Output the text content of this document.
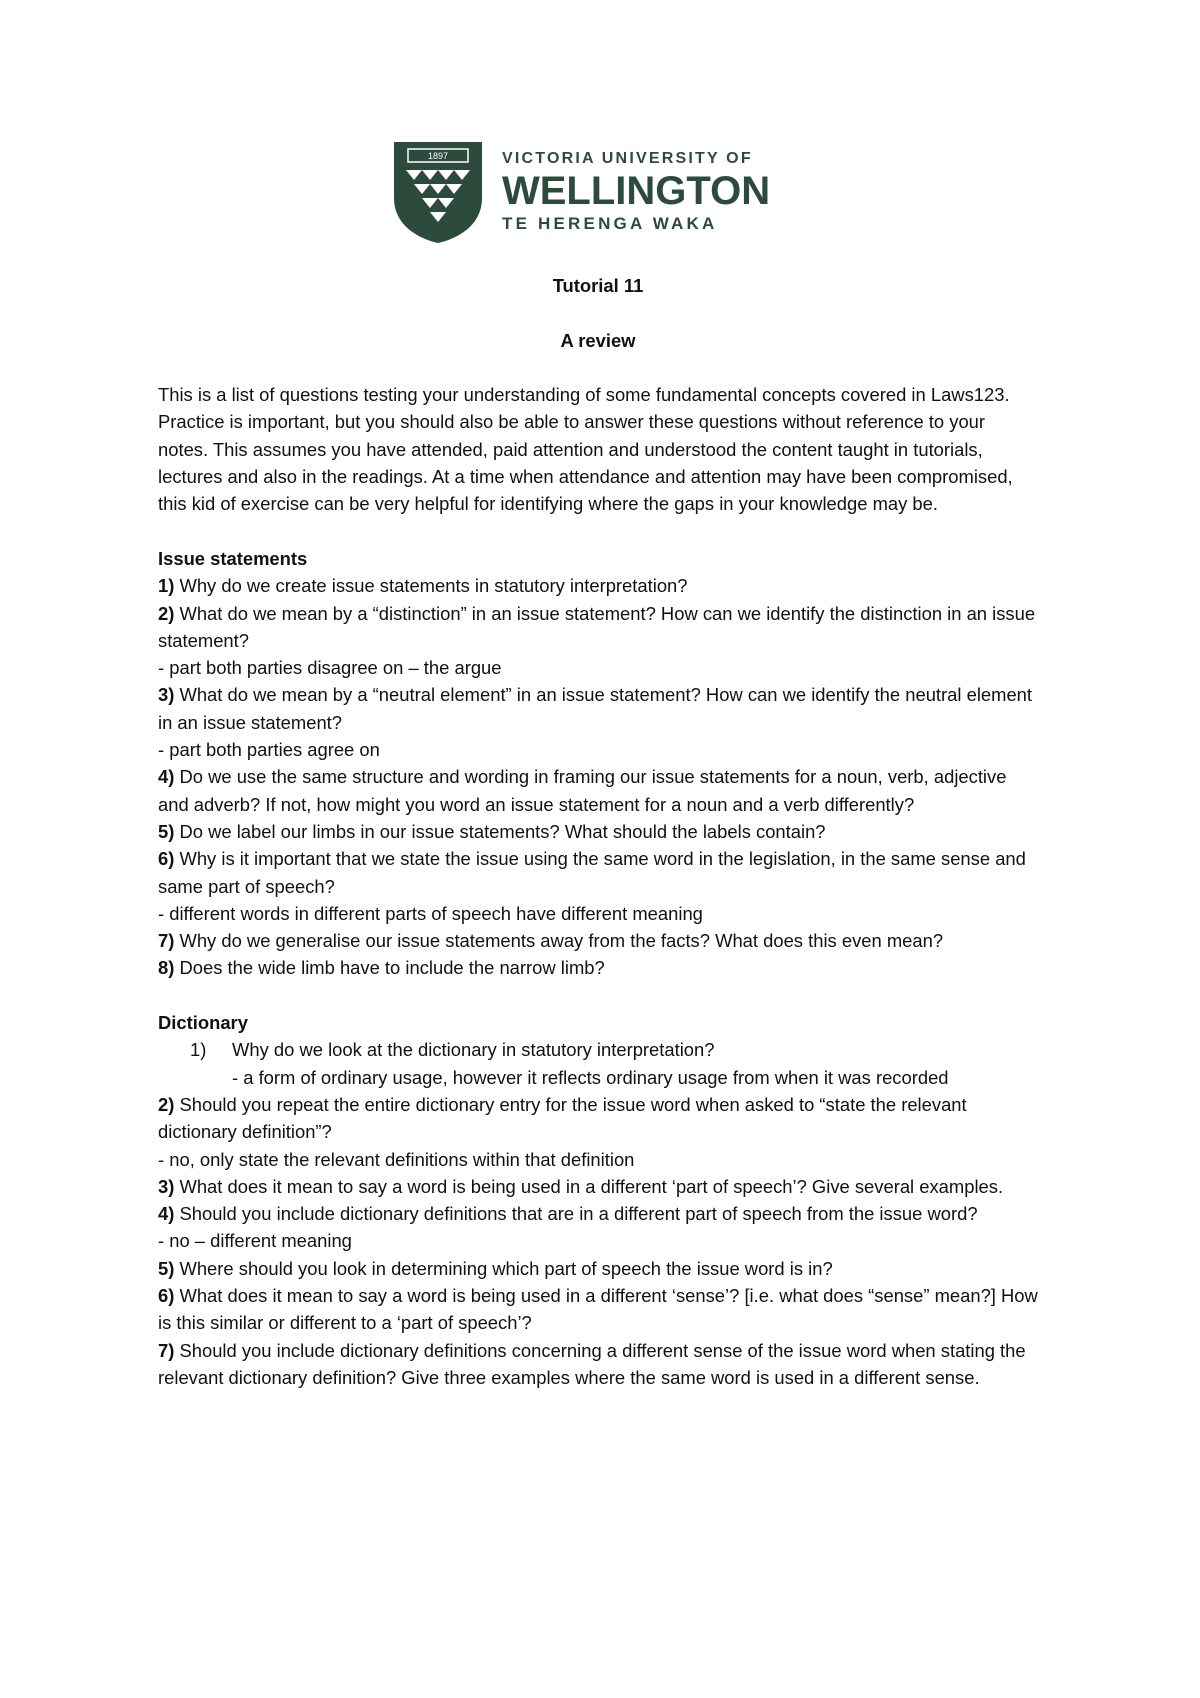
1897	VICTORIA UNIVERSITY OF
WELLINGTON
TE HERENGA WAKA

Tutorial 11

A review

This is a list of questions testing your understanding of some fundamental concepts covered in Laws123. Practice is important, but you should also be able to answer these questions without reference to your notes. This assumes you have attended, paid attention and understood the content taught in tutorials, lectures and also in the readings. At a time when attendance and attention may have been compromised, this kid of exercise can be very helpful for identifying where the gaps in your knowledge may be.

Issue statements

1) Why do we create issue statements in statutory interpretation?

2) What do we mean by a “distinction” in an issue statement? How can we identify the distinction in an issue statement?

- part both parties disagree on – the argue

3) What do we mean by a “neutral element” in an issue statement? How can we identify the neutral element in an issue statement?

- part both parties agree on

4) Do we use the same structure and wording in framing our issue statements for a noun, verb, adjective and adverb? If not, how might you word an issue statement for a noun and a verb differently?

5) Do we label our limbs in our issue statements? What should the labels contain?

6) Why is it important that we state the issue using the same word in the legislation, in the same sense and same part of speech?

- different words in different parts of speech have different meaning

7) Why do we generalise our issue statements away from the facts? What does this even mean?

8) Does the wide limb have to include the narrow limb?

Dictionary

1)	Why do we look at the dictionary in statutory interpretation?
- a form of ordinary usage, however it reflects ordinary usage from when it was recorded

2) Should you repeat the entire dictionary entry for the issue word when asked to “state the relevant dictionary definition”?

- no, only state the relevant definitions within that definition

3) What does it mean to say a word is being used in a different ‘part of speech’? Give several examples.

4) Should you include dictionary definitions that are in a different part of speech from the issue word?

- no – different meaning

5) Where should you look in determining which part of speech the issue word is in?

6) What does it mean to say a word is being used in a different ‘sense’? [i.e. what does “sense” mean?] How is this similar or different to a ‘part of speech’?

7) Should you include dictionary definitions concerning a different sense of the issue word when stating the relevant dictionary definition? Give three examples where the same word is used in a different sense.
